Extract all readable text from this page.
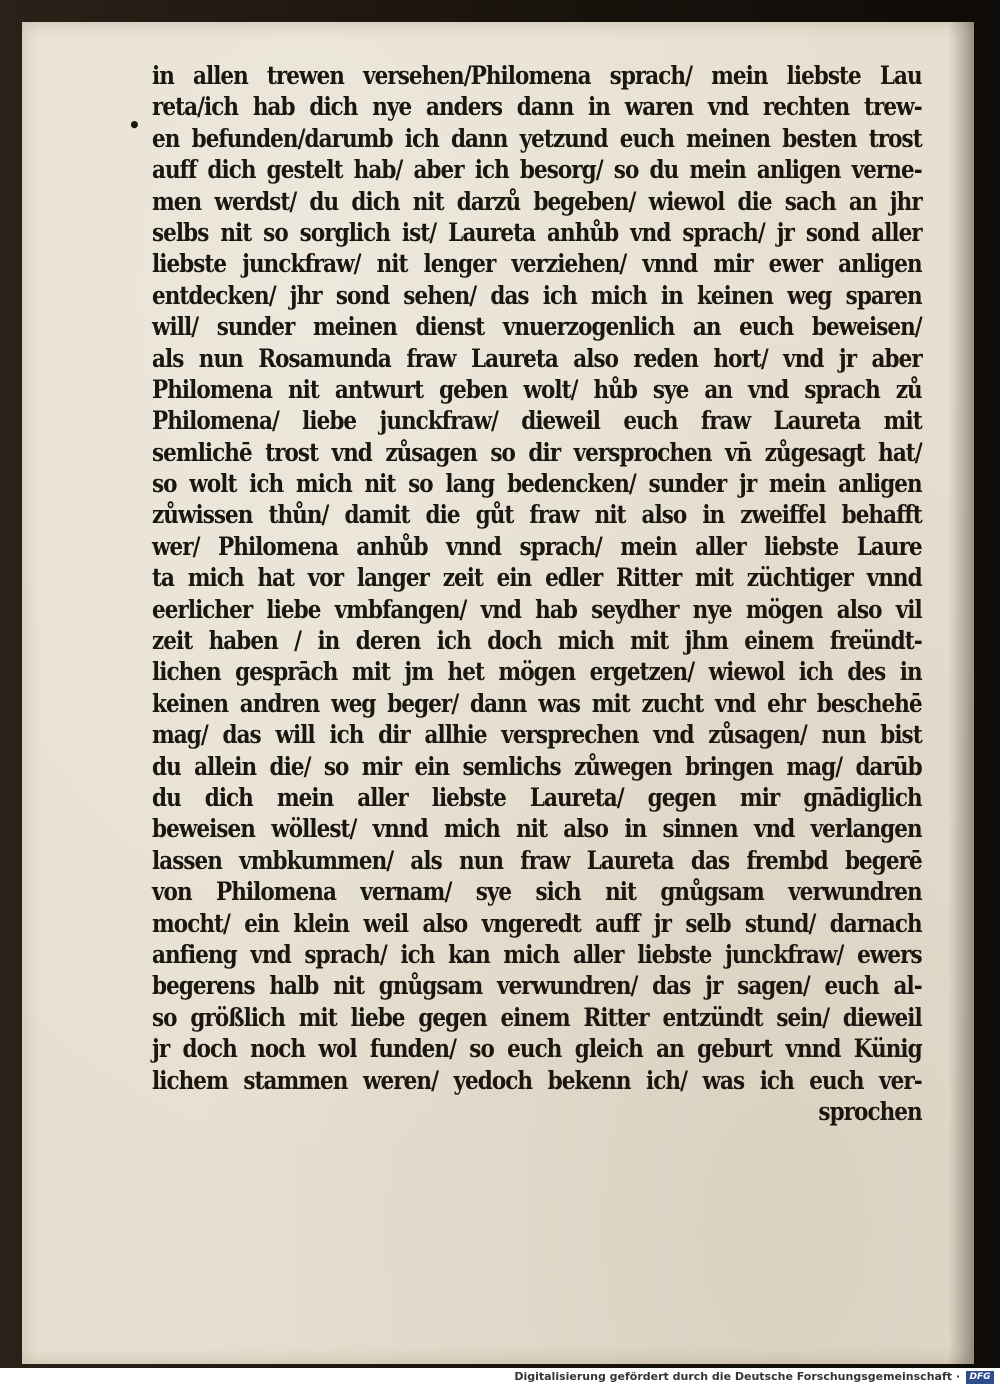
•
in allen trewen versehen/Philomena sprach/ mein liebste Lau
reta/ich hab dich nye anders dann in waren vnd rechten trew-
en befunden/darumb ich dann yetzund euch meinen besten trost
auff dich gestelt hab/ aber ich besorg/ so du mein anligen verne-
men werdst/ du dich nit darzů begeben/ wiewol die sach an jhr
selbs nit so sorglich ist/ Laureta anhůb vnd sprach/ jr sond aller
liebste junckfraw/ nit lenger verziehen/ vnnd mir ewer anligen
entdecken/ jhr sond sehen/ das ich mich in keinen weg sparen
will/ sunder meinen dienst vnuerzogenlich an euch beweisen/
als nun Rosamunda fraw Laureta also reden hort/ vnd jr aber
Philomena nit antwurt geben wolt/ hůb sye an vnd sprach zů
Philomena/ liebe junckfraw/ dieweil euch fraw Laureta mit
semlichē trost vnd zůsagen so dir versprochen vn̄ zůgesagt hat/
so wolt ich mich nit so lang bedencken/ sunder jr mein anligen
zůwissen thůn/ damit die gůt fraw nit also in zweiffel behafft
wer/ Philomena anhůb vnnd sprach/ mein aller liebste Laure
ta mich hat vor langer zeit ein edler Ritter mit züchtiger vnnd
eerlicher liebe vmbfangen/ vnd hab seydher nye mögen also vil
zeit haben / in deren ich doch mich mit jhm einem freündt-
lichen gesprāch mit jm het mögen ergetzen/ wiewol ich des in
keinen andren weg beger/ dann was mit zucht vnd ehr beschehē
mag/ das will ich dir allhie versprechen vnd zůsagen/ nun bist
du allein die/ so mir ein semlichs zůwegen bringen mag/ darūb
du dich mein aller liebste Laureta/ gegen mir gnādiglich
beweisen wöllest/ vnnd mich nit also in sinnen vnd verlangen
lassen vmbkummen/ als nun fraw Laureta das frembd begerē
von Philomena vernam/ sye sich nit gnůgsam verwundren
mocht/ ein klein weil also vngeredt auff jr selb stund/ darnach
anfieng vnd sprach/ ich kan mich aller liebste junckfraw/ ewers
begerens halb nit gnůgsam verwundren/ das jr sagen/ euch al-
so größlich mit liebe gegen einem Ritter entzündt sein/ dieweil
jr doch noch wol funden/ so euch gleich an geburt vnnd Künig
lichem stammen weren/ yedoch bekenn ich/ was ich euch ver-
sprochen
Digitalisierung gefördert durch die Deutsche Forschungsgemeinschaft ·	DFG
